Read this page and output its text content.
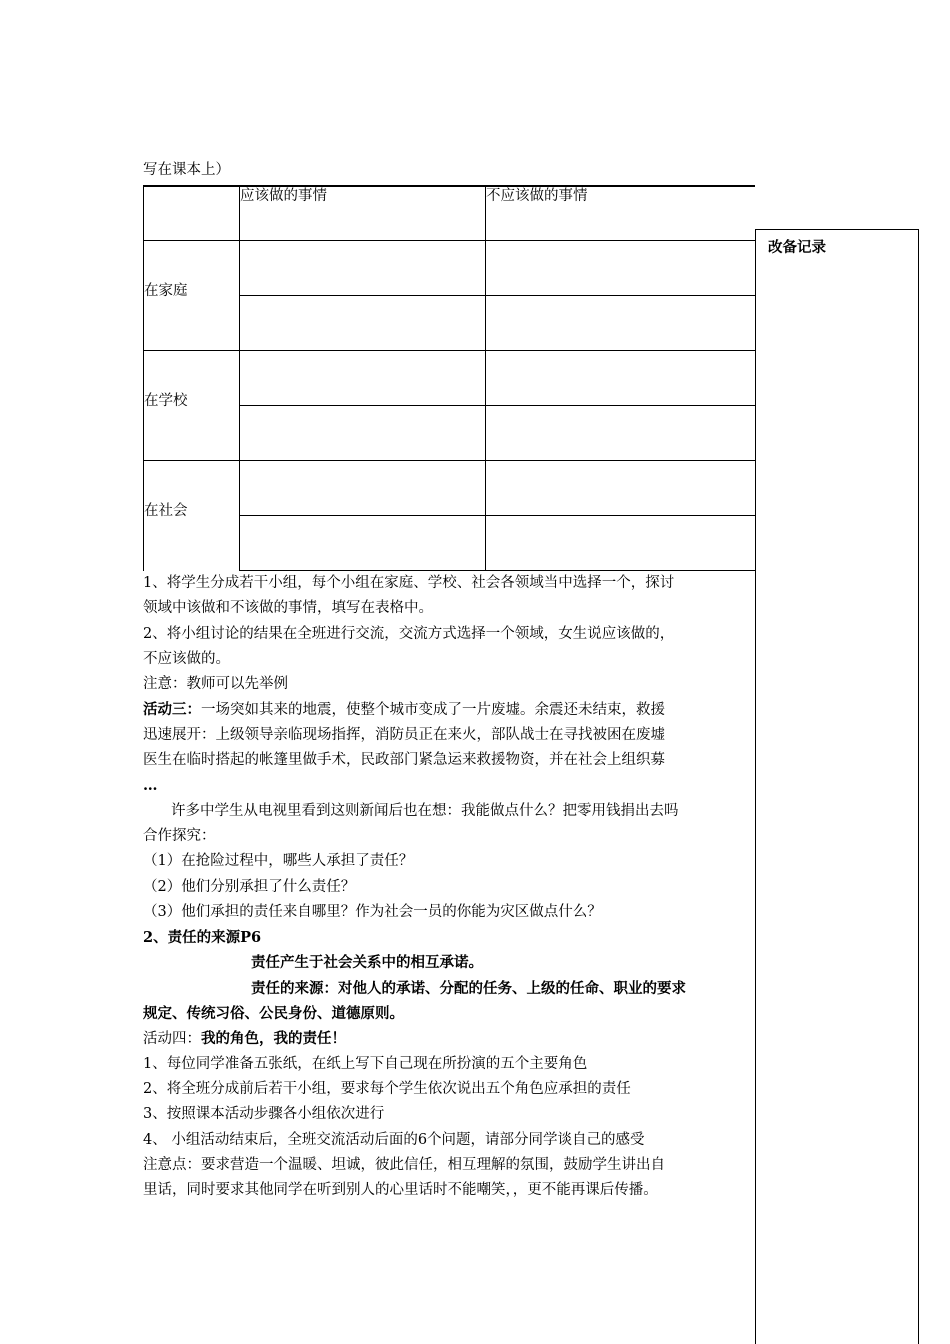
写在课本上）
应该做的事情	不应该做的事情
在家庭
在学校
在社会
1、将学生分成若干小组，每个小组在家庭、学校、社会各领域当中选择一个，探讨
领域中该做和不该做的事情，填写在表格中。
2、将小组讨论的结果在全班进行交流，交流方式选择一个领域，女生说应该做的，
不应该做的。
注意：教师可以先举例
活动三：一场突如其来的地震，使整个城市变成了一片废墟。余震还未结束，救援
迅速展开：上级领导亲临现场指挥，消防员正在来火，部队战士在寻找被困在废墟
医生在临时搭起的帐篷里做手术，民政部门紧急运来救援物资，并在社会上组织募
…
许多中学生从电视里看到这则新闻后也在想：我能做点什么？把零用钱捐出去吗
合作探究：
（1）在抢险过程中，哪些人承担了责任？
（2）他们分别承担了什么责任？
（3）他们承担的责任来自哪里？作为社会一员的你能为灾区做点什么？
2、责任的来源P6
责任产生于社会关系中的相互承诺。
责任的来源：对他人的承诺、分配的任务、上级的任命、职业的要求
规定、传统习俗、公民身份、道德原则。
活动四：我的角色，我的责任！
1、每位同学准备五张纸，在纸上写下自己现在所扮演的五个主要角色
2、将全班分成前后若干小组，要求每个学生依次说出五个角色应承担的责任
3、按照课本活动步骤各小组依次进行
4、 小组活动结束后，全班交流活动后面的6个问题，请部分同学谈自己的感受
注意点：要求营造一个温暖、坦诚，彼此信任，相互理解的氛围，鼓励学生讲出自
里话，同时要求其他同学在听到别人的心里话时不能嘲笑，，更不能再课后传播。
改备记录
